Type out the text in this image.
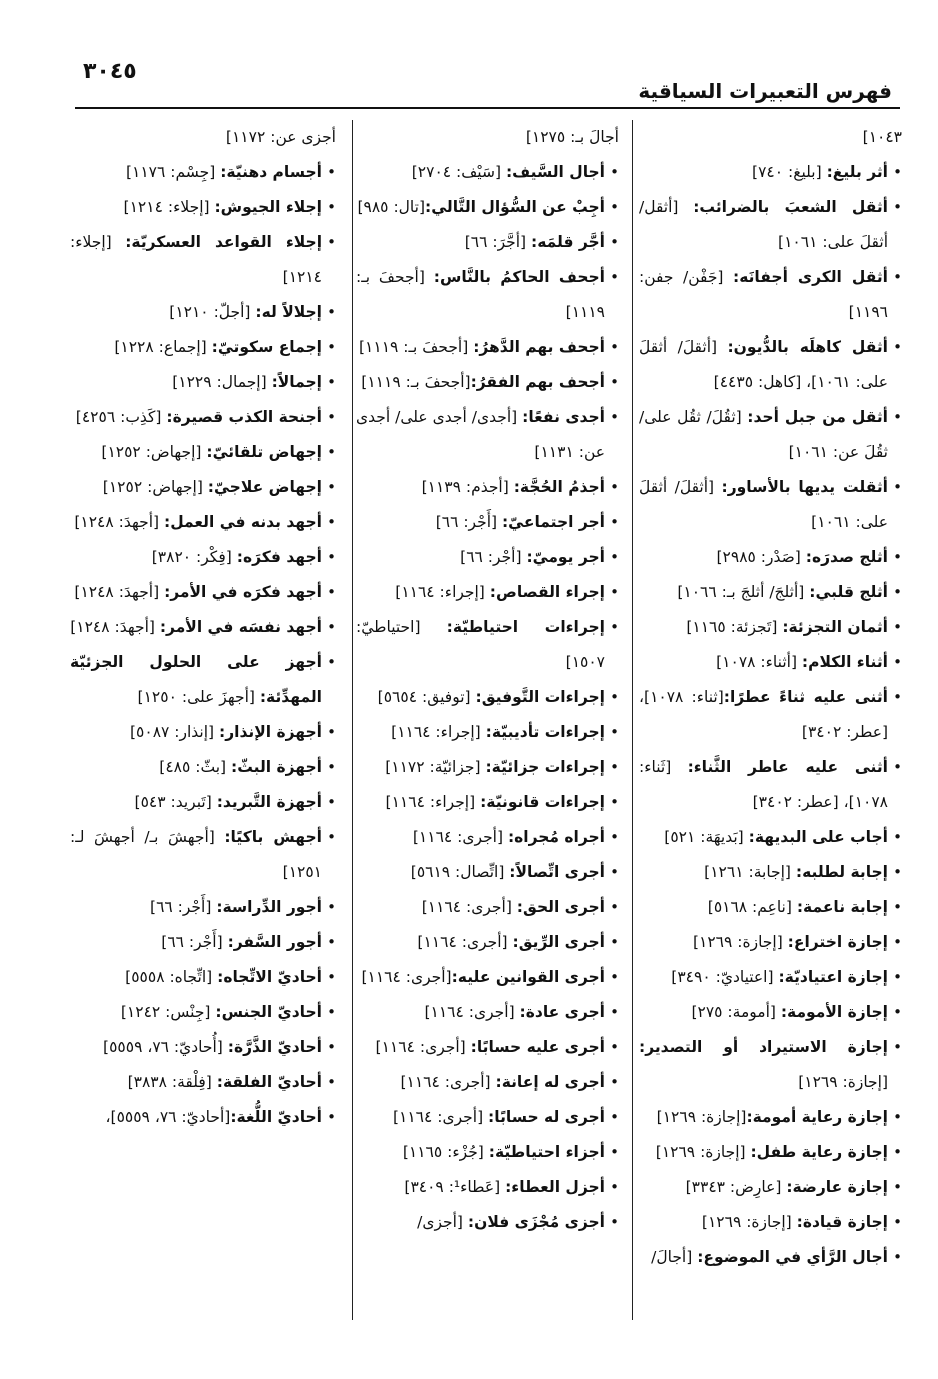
٣٠٤٥
فهرس التعبيرات السياقية

١٠٤٣]

• أثر بليغ: [بليغ: ٧٤٠]

• أثقل الشعبَ بالضرائب: [أثقل/ أثقلَ على: ١٠٦١]

• أثقل الكرى أجفانَه: [جَفْن/ جفن: ١١٩٦]

• أثقل كاهلَه بالدُّيون: [أثقلَ/ أثقلَ على: ١٠٦١]، [كاهل: ٤٤٣٥]

• أثقل من جبل أحد: [ثقُلَ/ ثقُل على/ ثقُلَ عن: ١٠٦١]

• أثقلت يديها بالأساور: [أثقلَ/ أثقلَ على: ١٠٦١]

• أثلج صدرَه: [صَدْر: ٢٩٨٥]

• أثلج قلبي: [أثلجَ/ أثلجَ بـ: ١٠٦٦]

• أثمان التجزئة: [تَجزئة: ١١٦٥]

• أثناء الكلام: [أثناء: ١٠٧٨]

• أثنى عليه ثناءً عطرًا:[ثناء: ١٠٧٨]، [عطر: ٣٤٠٢]

• أثنى عليه عاطر الثَّناء: [ثَناء: ١٠٧٨]، [عطر: ٣٤٠٢]

• أجاب على البديهة: [بَديهَة: ٥٢١]

• إجابة لطلبه: [إجابة: ١٢٦١]

• إجابة ناعمة: [ناعِم: ٥١٦٨]

• إجازة اختراع: [إجازة: ١٢٦٩]

• إجازة اعتياديّة: [اعتياديّ: ٣٤٩٠]

• إجازة الأمومة: [أمومة: ٢٧٥]

• إجازة الاستيراد أو التصدير: [إجازة: ١٢٦٩]

• إجازة رعاية أمومة:[إجازة: ١٢٦٩]

• إجازة رعاية طفل: [إجازة: ١٢٦٩]

• إجازة عارضة: [عارِض: ٣٣٤٣]

• إجازة قيادة: [إجازة: ١٢٦٩]

• أجال الرَّأي في الموضوع: [أجالَ/

أجالَ بـ: ١٢٧٥]

• أجال السَّيف: [سَيْف: ٢٧٠٤]

• أجِبْ عن السُّؤال التَّالي:[تال: ٩٨٥]

• أجَّر قلمَه: [أجَّرَ: ٦٦]

• أجحف الحاكمُ بالنَّاس: [أجحفَ بـ: ١١١٩]

• أجحف بهم الدَّهرُ: [أجحفَ بـ: ١١١٩]

• أجحف بهم الفقرُ:[أجحفَ بـ: ١١١٩]

• أجدى نفعًا: [أجدى/ أجدى على/ أجدى عن: ١١٣١]

• أجذمُ الحُجَّة: [أجذم: ١١٣٩]

• أجر اجتماعيّ: [أَجْر: ٦٦]

• أجر يوميّ: [أجْر: ٦٦]

• إجراء القصاص: [إجراء: ١١٦٤]

• إجراءات احتياطيّة: [احتياطيّ: ١٥٠٧]

• إجراءات التَّوفيق: [توفيق: ٥٦٥٤]

• إجراءات تأديبيّة: [إجراء: ١١٦٤]

• إجراءات جزائيّة: [جزائيّة: ١١٧٢]

• إجراءات قانونيّة: [إجراء: ١١٦٤]

• أجراه مُجراه: [أجرى: ١١٦٤]

• أجرى اتِّصالاً: [اتِّصال: ٥٦١٩]

• أجرى الحق: [أجرى: ١١٦٤]

• أجرى الرِّيق: [أجرى: ١١٦٤]

• أجرى القوانين عليه:[أجرى: ١١٦٤]

• أجرى عادة: [أجرى: ١١٦٤]

• أجرى عليه حسابًا: [أجرى: ١١٦٤]

• أجرى له إعانة: [أجرى: ١١٦٤]

• أجرى له حسابًا: [أجرى: ١١٦٤]

• أجزاء احتياطيّة: [جُزْء: ١١٦٥]

• أجزل العطاء: [عَطاء¹: ٣٤٠٩]

• أجزى مُجْزَى فلان: [أجزى/

أجزى عن: ١١٧٢]

• أجسام دهنيّة: [جِسْم: ١١٧٦]

• إجلاء الجيوش: [إجلاء: ١٢١٤]

• إجلاء القواعد العسكريّة: [إجلاء: ١٢١٤]

• إجلالاً له: [أجلّ: ١٢١٠]

• إجماع سكوتيّ: [إجماع: ١٢٢٨]

• إجمالاً: [إجمال: ١٢٢٩]

• أجنحة الكذب قصيرة: [كَذِب: ٤٢٥٦]

• إجهاض تلقائيّ: [إجهاض: ١٢٥٢]

• إجهاض علاجيّ: [إجهاض: ١٢٥٢]

• أجهد بدنه في العمل: [أجهدَ: ١٢٤٨]

• أجهد فكرَه: [فِكْر: ٣٨٢٠]

• أجهد فكرَه في الأمر: [أجهدَ: ١٢٤٨]

• أجهد نفسَه في الأمر: [أجهدَ: ١٢٤٨]

• أجهز على الحلول الجزئيّة المهدِّئة: [أجهزَ على: ١٢٥٠]

• أجهزة الإنذار: [إنذار: ٥٠٨٧]

• أجهزة البثّ: [بثّ: ٤٨٥]

• أجهزة التَّبريد: [تَبريد: ٥٤٣]

• أجهش باكيًا: [أجهشَ بـ/ أجهشَ لـ: ١٢٥١]

• أجور الدِّراسة: [أَجْر: ٦٦]

• أجور السَّفر: [أَجْر: ٦٦]

• أحاديّ الاتِّجاه: [اتِّجاه: ٥٥٥٨]

• أحاديّ الجنس: [جِنْس: ١٢٤٢]

• أحاديّ الذَّرَّة: [أُحاديّ: ٧٦، ٥٥٥٩]

• أحاديّ الفلقة: [فِلْقة: ٣٨٣٨]

• أحاديّ اللُّغة:[أحاديّ: ٧٦، ٥٥٥٩]،
